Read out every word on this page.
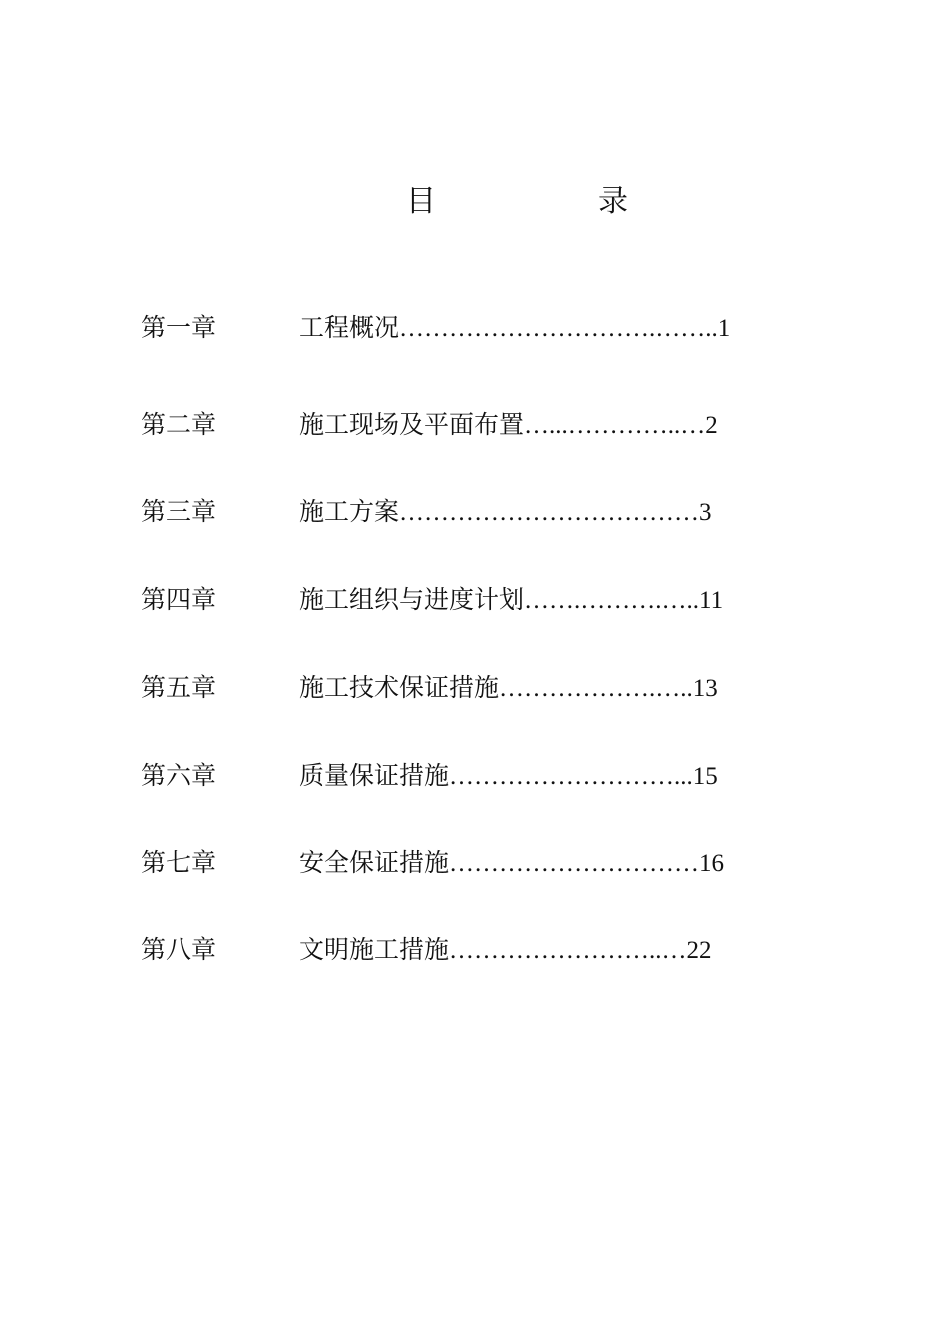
目	录
第一章	工程概况………………………….……..1
第二章	施工现场及平面布置…...…………..…2
第三章	施工方案………………………………3
第四章	施工组织与进度计划…….……….…..11
第五章	施工技术保证措施……………….…..13
第六章	质量保证措施………………………...15
第七章	安全保证措施…………………………16
第八章	文明施工措施……………………..…22
